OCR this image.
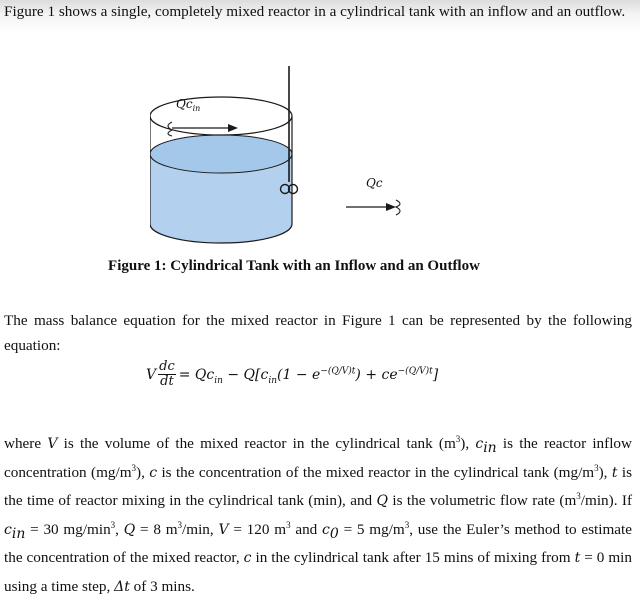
Figure 1 shows a single, completely mixed reactor in a cylindrical tank with an inflow and an outflow.
$Qc_{in}$
Qc
Figure 1: Cylindrical Tank with an Inflow and an Outflow
The mass balance equation for the mixed reactor in Figure 1 can be represented by the following equation:
V $\frac{dc}{dt} = Qc_{in} - Q[c_{in}(1 - e^{-(Q/V)t}) + ce^{-(Q/V)t}]$
where V is the volume of the mixed reactor in the cylindrical tank $(m^3)$, $c_{in}$ is the reactor inflow concentration $(mg/m^3)$, c is the concentration of the mixed reactor in the cylindrical tank $(mg/m^3)$, t is the time of reactor mixing in the cylindrical tank (min), and Q is the volumetric flow rate $(m^3/\min)$. If $c_{in} = 30$ $mg/\min^3$, Q = 8 $m^3/\min$, V = 120 $m^3$ and $c_0 = 5$ $mg/m^3$, use the Euler’s method to estimate the concentration of the mixed reactor, c in the cylindrical tank after 15 mins of mixing from t = 0 min using a time step, Δt of 3 mins.
